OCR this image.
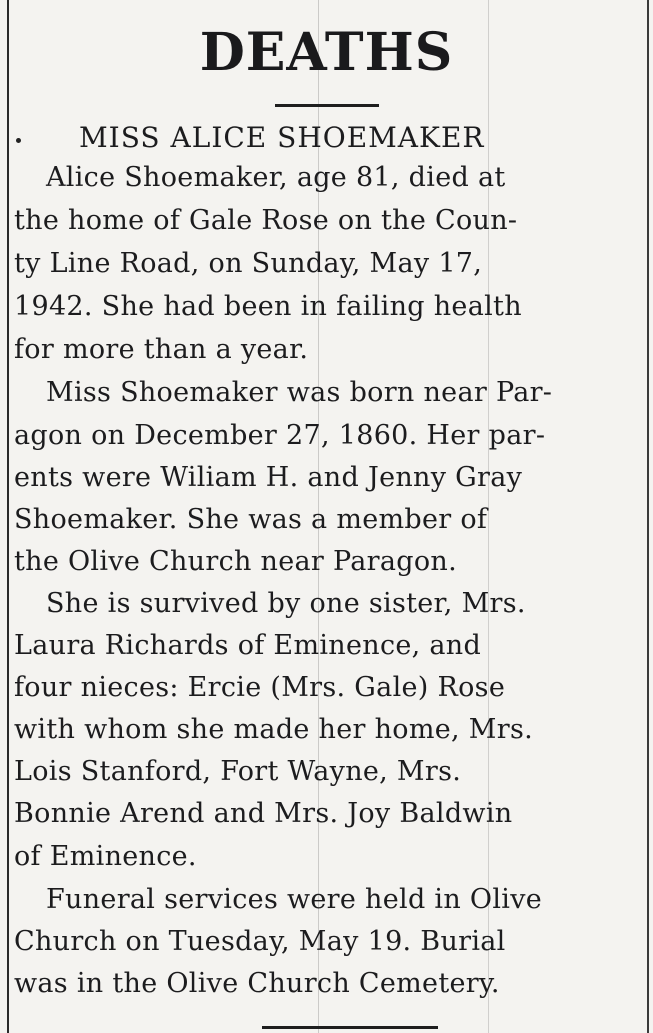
DEATHS
MISS ALICE SHOEMAKER
Alice Shoemaker, age 81, died at
the home of Gale Rose on the Coun-
ty Line Road, on Sunday, May 17,
1942. She had been in failing health
for more than a year.
Miss Shoemaker was born near Par-
agon on December 27, 1860. Her par-
ents were Wiliam H. and Jenny Gray
Shoemaker. She was a member of
the Olive Church near Paragon.
She is survived by one sister, Mrs.
Laura Richards of Eminence, and
four nieces: Ercie (Mrs. Gale) Rose
with whom she made her home, Mrs.
Lois Stanford, Fort Wayne, Mrs.
Bonnie Arend and Mrs. Joy Baldwin
of Eminence.
Funeral services were held in Olive
Church on Tuesday, May 19. Burial
was in the Olive Church Cemetery.
